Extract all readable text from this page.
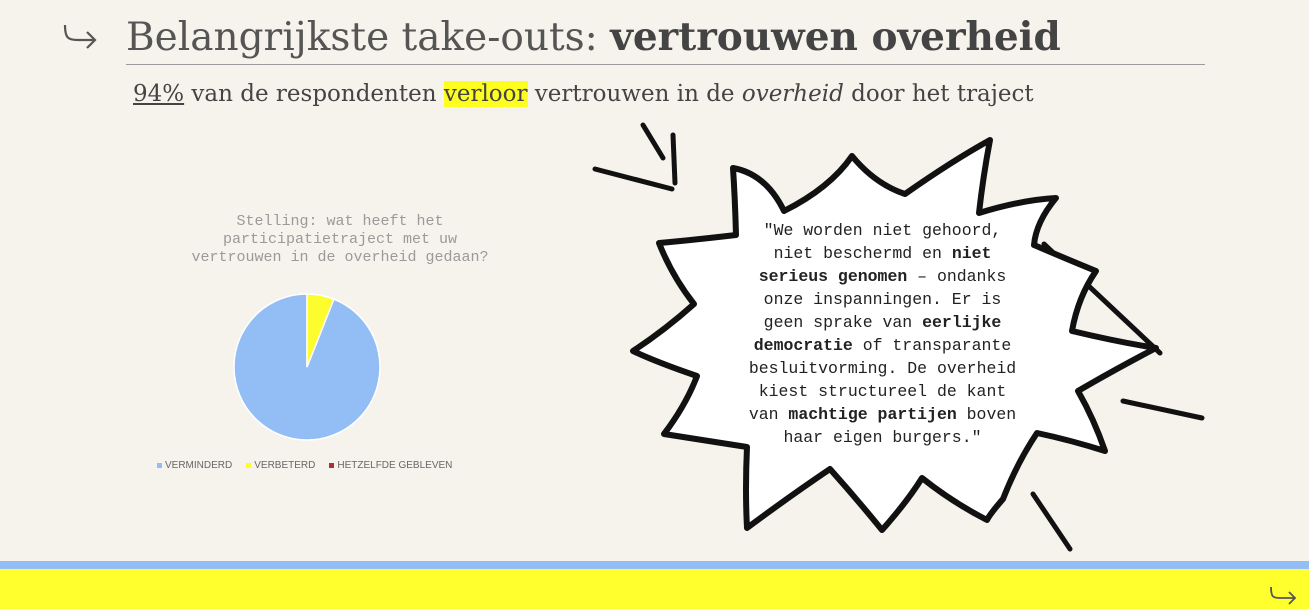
Belangrijkste take-outs: vertrouwen overheid
94% van de respondenten verloor vertrouwen in de overheid door het traject
Stelling: wat heeft het
participatietraject met uw
vertrouwen in de overheid gedaan?
VERMINDERD VERBETERD HETZELFDE GEBLEVEN
"We worden niet gehoord,
niet beschermd en niet
serieus genomen – ondanks
onze inspanningen. Er is
geen sprake van eerlijke
democratie of transparante
besluitvorming. De overheid
kiest structureel de kant
van machtige partijen boven
haar eigen burgers."
